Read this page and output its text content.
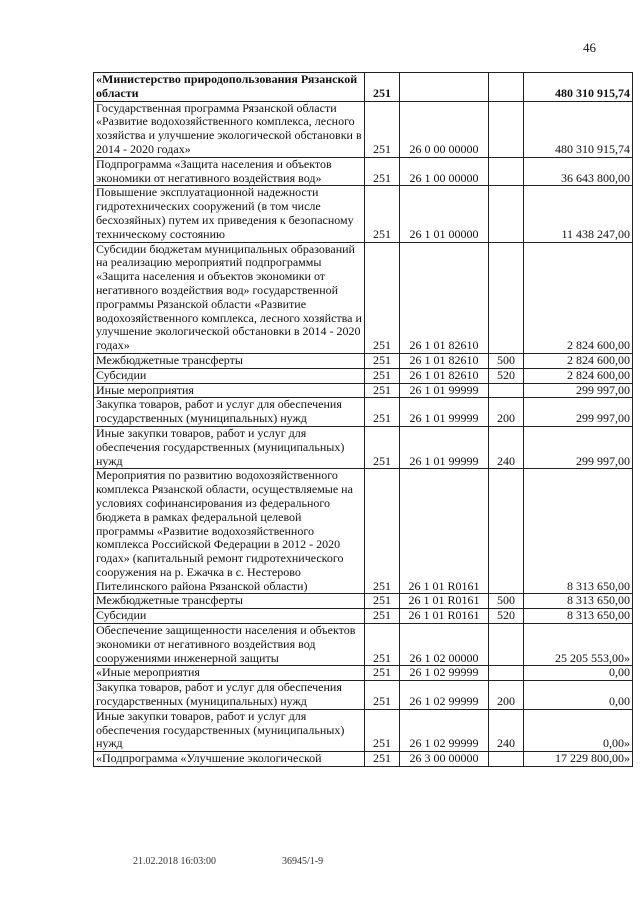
46
«Министерство природопользования Рязанской области	251			480 310 915,74
Государственная программа Рязанской области «Развитие водохозяйственного комплекса, лесного хозяйства и улучшение экологической обстановки в 2014 - 2020 годах»	251	26 0 00 00000		480 310 915,74
Подпрограмма «Защита населения и объектов экономики от негативного воздействия вод»	251	26 1 00 00000		36 643 800,00
Повышение эксплуатационной надежности гидротехнических сооружений (в том числе бесхозяйных) путем их приведения к безопасному техническому состоянию	251	26 1 01 00000		11 438 247,00
Субсидии бюджетам муниципальных образований на реализацию мероприятий подпрограммы «Защита населения и объектов экономики от негативного воздействия вод» государственной программы Рязанской области «Развитие водохозяйственного комплекса, лесного хозяйства и улучшение экологической обстановки в 2014 - 2020 годах»	251	26 1 01 82610		2 824 600,00
Межбюджетные трансферты	251	26 1 01 82610	500	2 824 600,00
Субсидии	251	26 1 01 82610	520	2 824 600,00
Иные мероприятия	251	26 1 01 99999		299 997,00
Закупка товаров, работ и услуг для обеспечения государственных (муниципальных) нужд	251	26 1 01 99999	200	299 997,00
Иные закупки товаров, работ и услуг для обеспечения государственных (муниципальных) нужд	251	26 1 01 99999	240	299 997,00
Мероприятия по развитию водохозяйственного комплекса Рязанской области, осуществляемые на условиях софинансирования из федерального бюджета в рамках федеральной целевой программы «Развитие водохозяйственного комплекса Российской Федерации в 2012 - 2020 годах» (капитальный ремонт гидротехнического сооружения на р. Ежачка в с. Нестерово Пителинского района Рязанской области)	251	26 1 01 R0161		8 313 650,00
Межбюджетные трансферты	251	26 1 01 R0161	500	8 313 650,00
Субсидии	251	26 1 01 R0161	520	8 313 650,00
Обеспечение защищенности населения и объектов экономики от негативного воздействия вод сооружениями инженерной защиты	251	26 1 02 00000		25 205 553,00»
«Иные мероприятия	251	26 1 02 99999		0,00
Закупка товаров, работ и услуг для обеспечения государственных (муниципальных) нужд	251	26 1 02 99999	200	0,00
Иные закупки товаров, работ и услуг для обеспечения государственных (муниципальных) нужд	251	26 1 02 99999	240	0,00»
«Подпрограмма «Улучшение экологической	251	26 3 00 00000		17 229 800,00»
21.02.2018 16:03:00	36945/1-9
